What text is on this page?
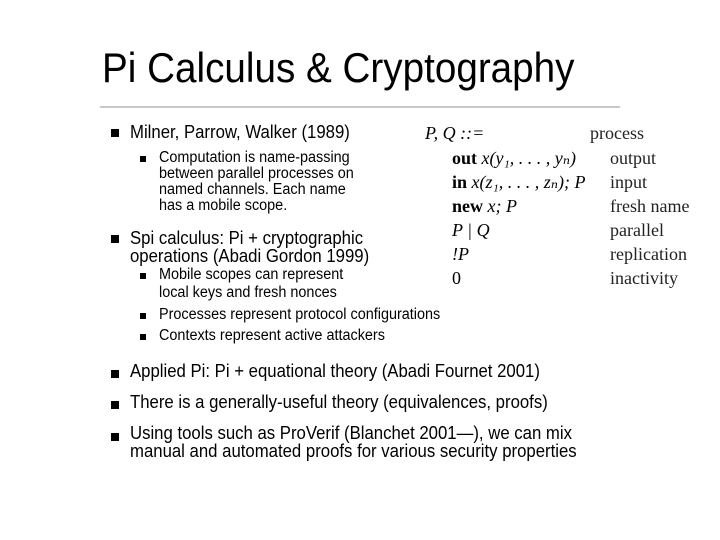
Pi Calculus & Cryptography
Milner, Parrow, Walker (1989)
Computation is name-passing
between parallel processes on
named channels. Each name
has a mobile scope.
Spi calculus: Pi + cryptographic
operations (Abadi Gordon 1999)
Mobile scopes can represent
local keys and fresh nonces
Processes represent protocol configurations
Contexts represent active attackers
Applied Pi: Pi + equational theory (Abadi Fournet 2001)
There is a generally-useful theory (equivalences, proofs)
Using tools such as ProVerif (Blanchet 2001—), we can mix
manual and automated proofs for various security properties
P, Q ::=	process
out x(y₁, . . . , yₙ) output
in x(z₁, . . . , zₙ); P input
new x; P	fresh name
P | Q	parallel
!P	replication
0	inactivity
